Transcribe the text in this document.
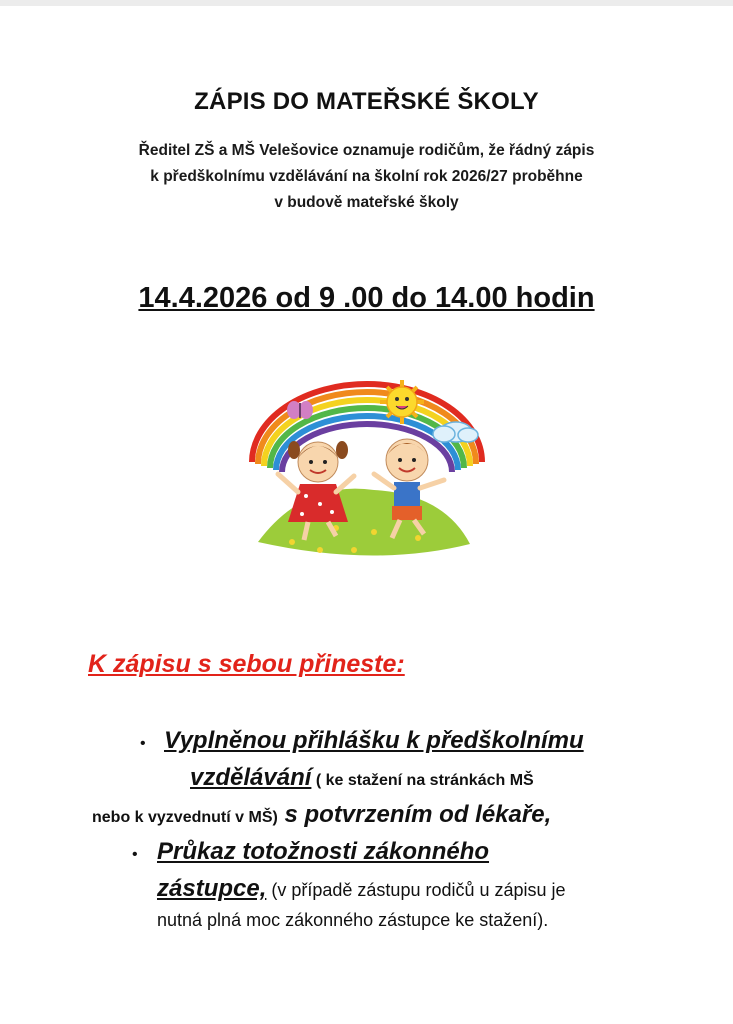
ZÁPIS DO MATEŘSKÉ ŠKOLY
Ředitel ZŠ a MŠ Velešovice oznamuje rodičům, že řádný zápis
k předškolnímu vzdělávání na školní rok 2026/27 proběhne
v budově mateřské školy
14.4.2026 od 9 .00 do 14.00 hodin
K zápisu s sebou přineste:
• Vyplněnou přihlášku k předškolnímu
vzdělávání ( ke stažení na stránkách MŠ
nebo k vyzvednutí v MŠ) s potvrzením od lékaře,
• Průkaz totožnosti zákonného
zástupce, (v případě zástupu rodičů u zápisu je
nutná plná moc zákonného zástupce ke stažení).
